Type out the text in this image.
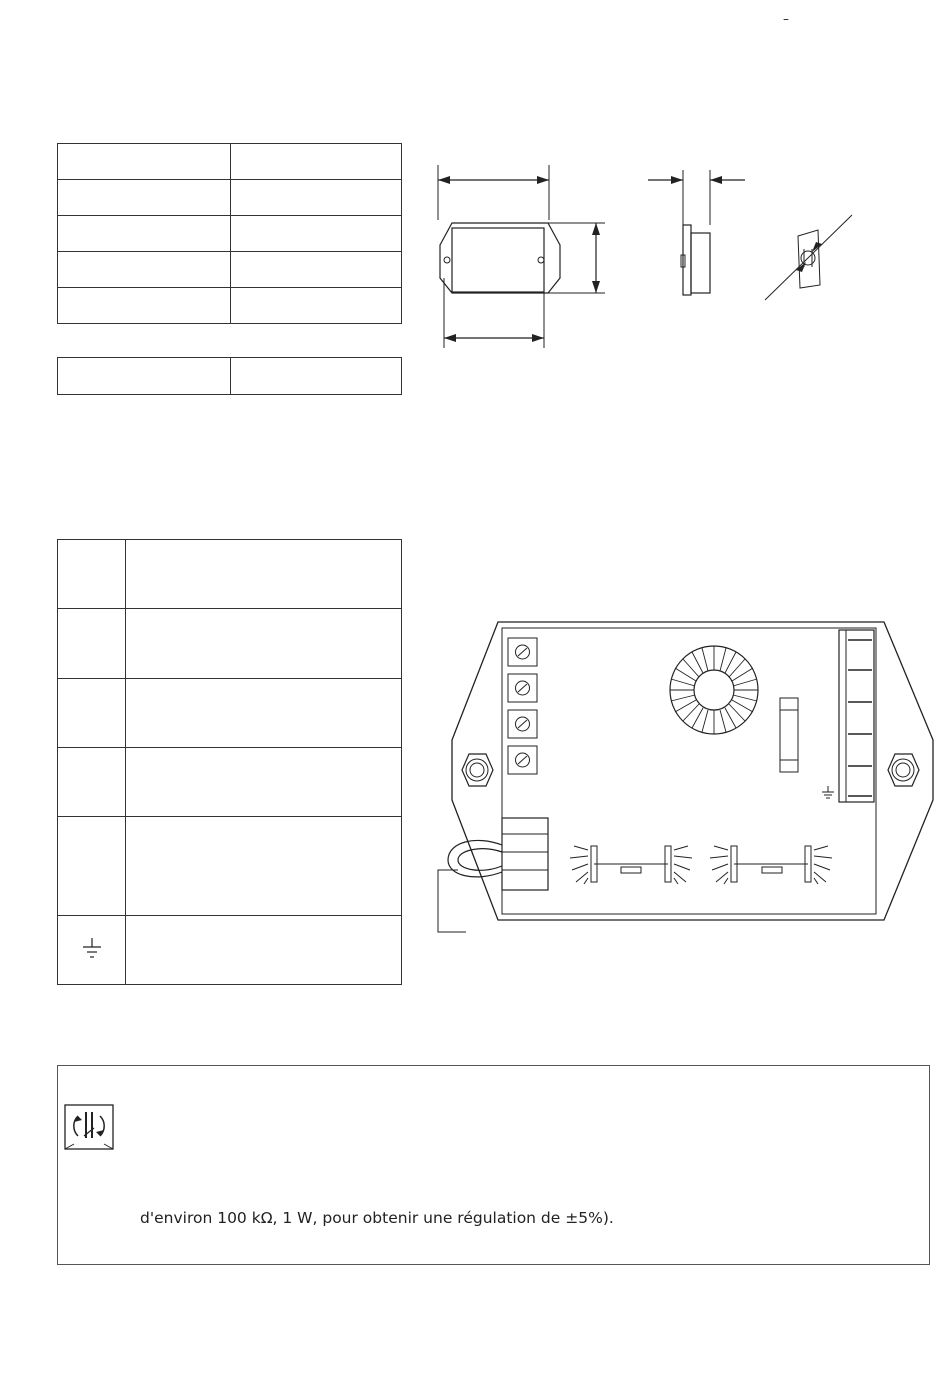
–

d'environ 100 kΩ, 1 W, pour obtenir une régulation de ±5%).
